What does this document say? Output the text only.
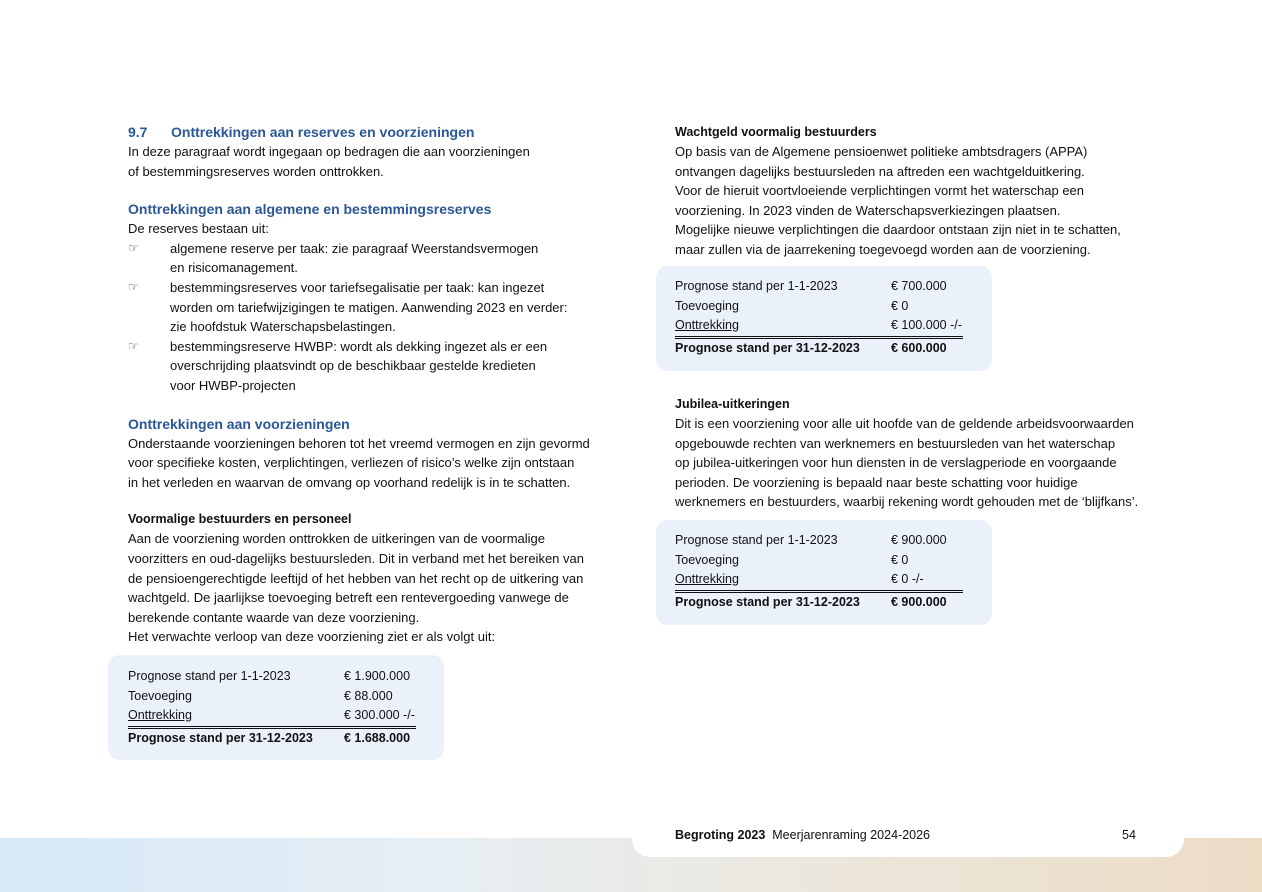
9.7 Onttrekkingen aan reserves en voorzieningen

In deze paragraaf wordt ingegaan op bedragen die aan voorzieningen

of bestemmingsreserves worden onttrokken.

Onttrekkingen aan algemene en bestemmingsreserves

De reserves bestaan uit:

☞ algemene reserve per taak: zie paragraaf Weerstandsvermogen
en risicomanagement.
☞ bestemmingsreserves voor tariefsegalisatie per taak: kan ingezet
worden om tariefwijzigingen te matigen. Aanwending 2023 en verder:
zie hoofdstuk Waterschapsbelastingen.
☞ bestemmingsreserve HWBP: wordt als dekking ingezet als er een
overschrijding plaatsvindt op de beschikbaar gestelde kredieten
voor HWBP-projecten
Onttrekkingen aan voorzieningen

Onderstaande voorzieningen behoren tot het vreemd vermogen en zijn gevormd

voor specifieke kosten, verplichtingen, verliezen of risico’s welke zijn ontstaan

in het verleden en waarvan de omvang op voorhand redelijk is in te schatten.

Voormalige bestuurders en personeel

Aan de voorziening worden onttrokken de uitkeringen van de voormalige

voorzitters en oud-dagelijks bestuursleden. Dit in verband met het bereiken van

de pensioengerechtigde leeftijd of het hebben van het recht op de uitkering van

wachtgeld. De jaarlijkse toevoeging betreft een rentevergoeding vanwege de

berekende contante waarde van deze voorziening.

Het verwachte verloop van deze voorziening ziet er als volgt uit:

Prognose stand per 1-1-2023	€ 1.900.000
Toevoeging	€ 88.000
Onttrekking	€ 300.000 -/-
Prognose stand per 31-12-2023	€ 1.688.000
Wachtgeld voormalig bestuurders

Op basis van de Algemene pensioenwet politieke ambtsdragers (APPA)

ontvangen dagelijks bestuursleden na aftreden een wachtgelduitkering.

Voor de hieruit voortvloeiende verplichtingen vormt het waterschap een

voorziening. In 2023 vinden de Waterschapsverkiezingen plaatsen.

Mogelijke nieuwe verplichtingen die daardoor ontstaan zijn niet in te schatten,

maar zullen via de jaarrekening toegevoegd worden aan de voorziening.

Prognose stand per 1-1-2023	€ 700.000
Toevoeging	€ 0
Onttrekking	€ 100.000 -/-
Prognose stand per 31-12-2023	€ 600.000
Jubilea-uitkeringen

Dit is een voorziening voor alle uit hoofde van de geldende arbeidsvoorwaarden

opgebouwde rechten van werknemers en bestuursleden van het waterschap

op jubilea-uitkeringen voor hun diensten in de verslagperiode en voorgaande

perioden. De voorziening is bepaald naar beste schatting voor huidige

werknemers en bestuurders, waarbij rekening wordt gehouden met de ‘blijfkans’.

Prognose stand per 1-1-2023	€ 900.000
Toevoeging	€ 0
Onttrekking	€ 0 -/-
Prognose stand per 31-12-2023	€ 900.000
Begroting 2023 Meerjarenraming 2024-2026	54
